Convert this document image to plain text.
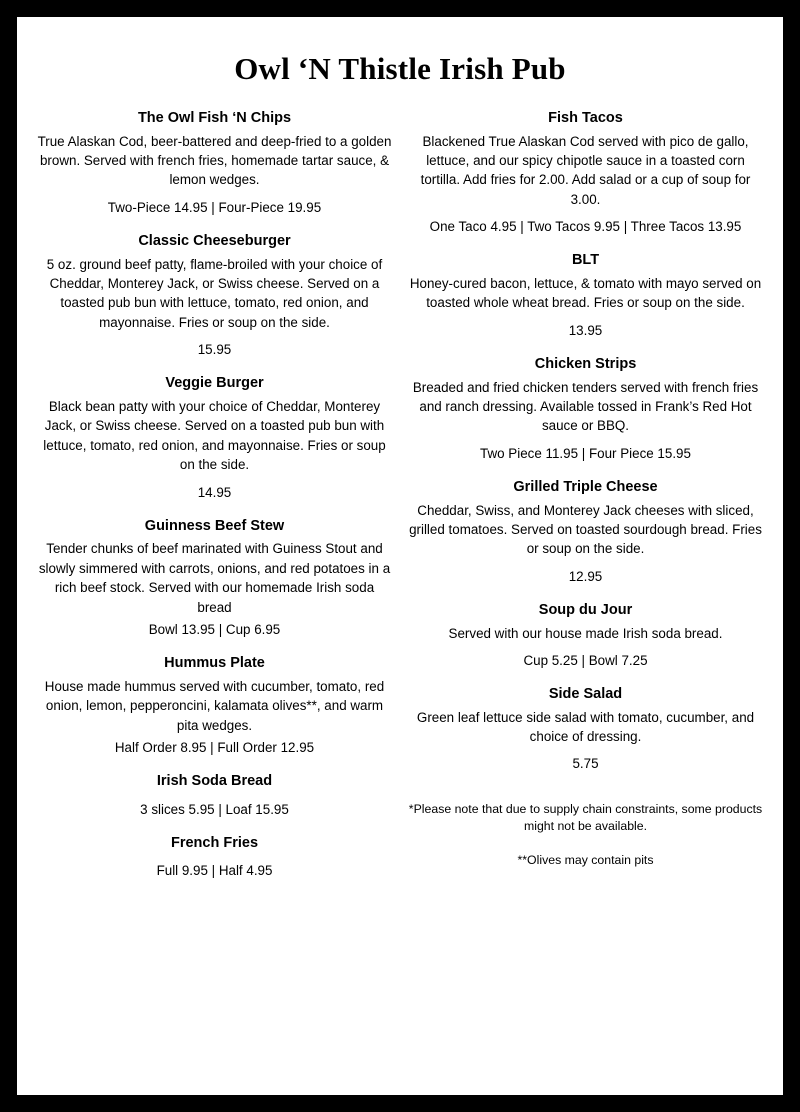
Owl ‘N Thistle Irish Pub
The Owl Fish ‘N Chips
True Alaskan Cod, beer-battered and deep-fried to a golden brown. Served with french fries, homemade tartar sauce, & lemon wedges.
Two-Piece 14.95 | Four-Piece 19.95
Classic Cheeseburger
5 oz. ground beef patty, flame-broiled with your choice of Cheddar, Monterey Jack, or Swiss cheese. Served on a toasted pub bun with lettuce, tomato, red onion, and mayonnaise. Fries or soup on the side.
15.95
Veggie Burger
Black bean patty with your choice of Cheddar, Monterey Jack, or Swiss cheese. Served on a toasted pub bun with lettuce, tomato, red onion, and mayonnaise. Fries or soup on the side.
14.95
Guinness Beef Stew
Tender chunks of beef marinated with Guiness Stout and slowly simmered with carrots, onions, and red potatoes in a rich beef stock. Served with our homemade Irish soda bread
Bowl 13.95 | Cup 6.95
Hummus Plate
House made hummus served with cucumber, tomato, red onion, lemon, pepperoncini, kalamata olives**, and warm pita wedges.
Half Order 8.95 | Full Order 12.95
Irish Soda Bread
3 slices 5.95 | Loaf 15.95
French Fries
Full 9.95 | Half 4.95
Fish Tacos
Blackened True Alaskan Cod served with pico de gallo, lettuce, and our spicy chipotle sauce in a toasted corn tortilla. Add fries for 2.00. Add salad or a cup of soup for 3.00.
One Taco 4.95 | Two Tacos 9.95 | Three Tacos 13.95
BLT
Honey-cured bacon, lettuce, & tomato with mayo served on toasted whole wheat bread. Fries or soup on the side.
13.95
Chicken Strips
Breaded and fried chicken tenders served with french fries and ranch dressing. Available tossed in Frank’s Red Hot sauce or BBQ.
Two Piece 11.95 | Four Piece 15.95
Grilled Triple Cheese
Cheddar, Swiss, and Monterey Jack cheeses with sliced, grilled tomatoes. Served on toasted sourdough bread. Fries or soup on the side.
12.95
Soup du Jour
Served with our house made Irish soda bread.
Cup 5.25 | Bowl 7.25
Side Salad
Green leaf lettuce side salad with tomato, cucumber, and choice of dressing.
5.75
*Please note that due to supply chain constraints, some products might not be available.
**Olives may contain pits
